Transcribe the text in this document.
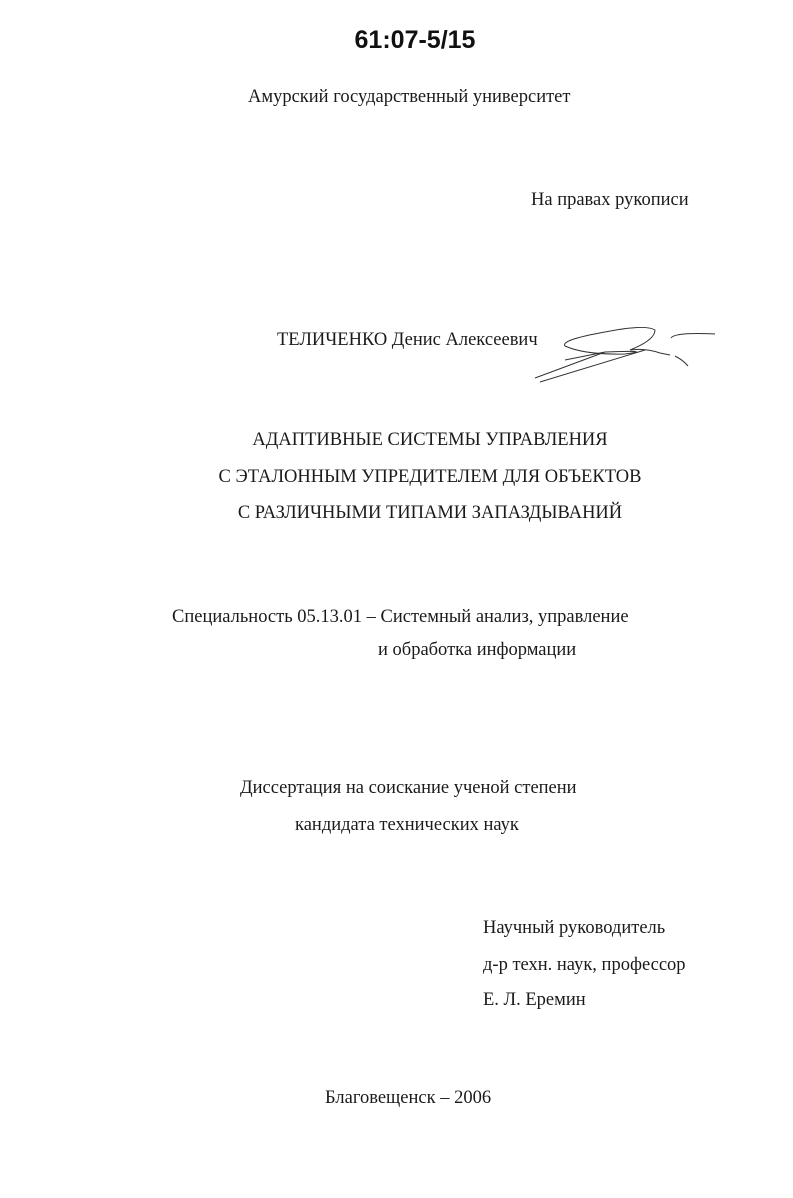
61:07-5/15
Амурский государственный университет
На правах рукописи
ТЕЛИЧЕНКО Денис Алексеевич
АДАПТИВНЫЕ СИСТЕМЫ УПРАВЛЕНИЯ
С ЭТАЛОННЫМ УПРЕДИТЕЛЕМ ДЛЯ ОБЪЕКТОВ
С РАЗЛИЧНЫМИ ТИПАМИ ЗАПАЗДЫВАНИЙ
Специальность 05.13.01 – Системный анализ, управление
и обработка информации
Диссертация на соискание ученой степени
кандидата технических наук
Научный руководитель
д-р техн. наук, профессор
Е. Л. Еремин
Благовещенск – 2006
